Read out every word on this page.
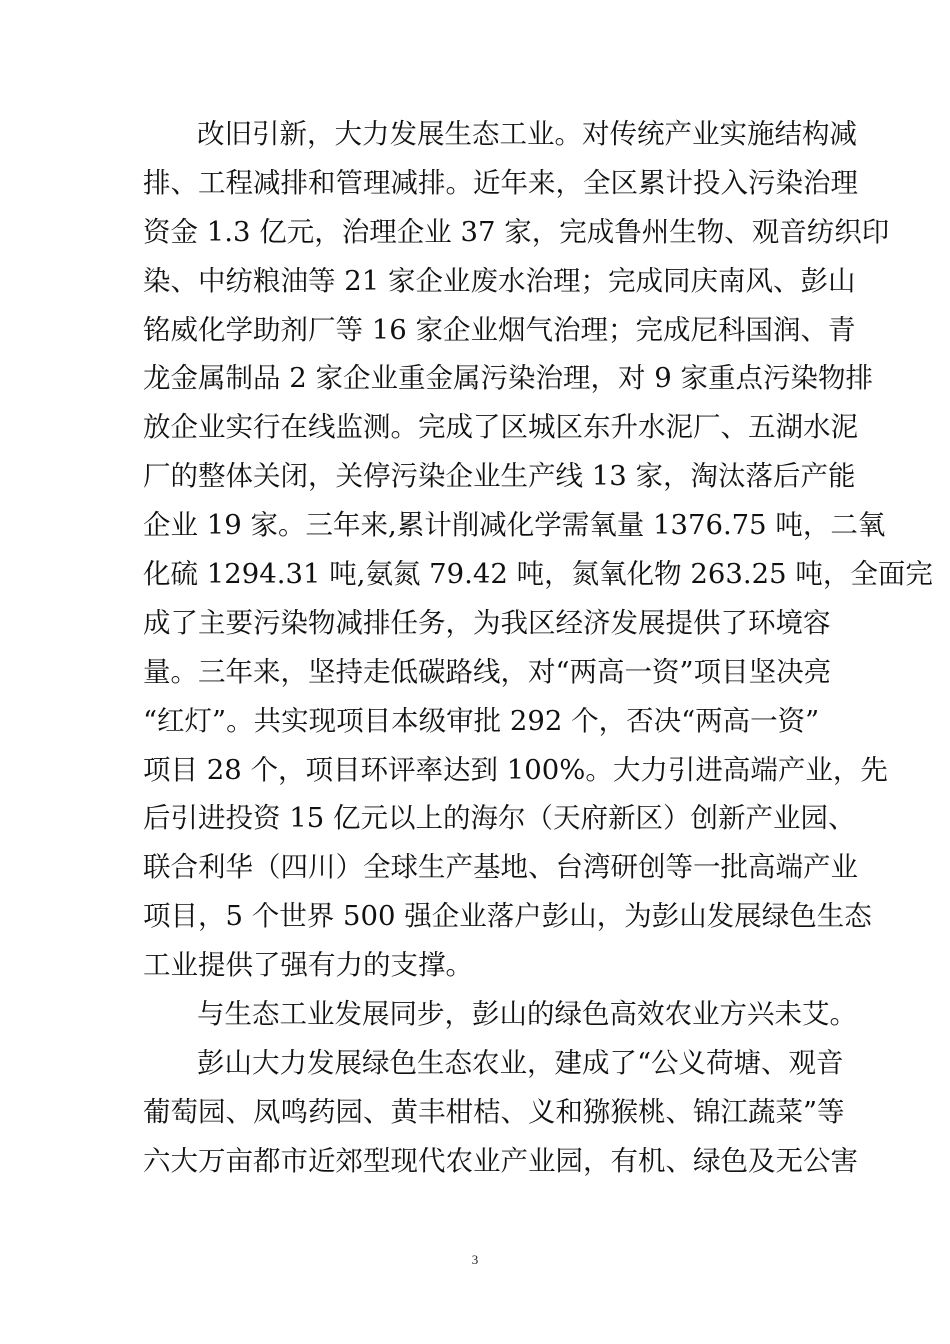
改旧引新，大力发展生态工业。对传统产业实施结构减
排、工程减排和管理减排。近年来，全区累计投入污染治理
资金 1.3 亿元，治理企业 37 家，完成鲁州生物、观音纺织印
染、中纺粮油等 21 家企业废水治理；完成同庆南风、彭山
铭威化学助剂厂等 16 家企业烟气治理；完成尼科国润、青
龙金属制品 2 家企业重金属污染治理，对 9 家重点污染物排
放企业实行在线监测。完成了区城区东升水泥厂、五湖水泥
厂的整体关闭，关停污染企业生产线 13 家，淘汰落后产能
企业 19 家。三年来,累计削减化学需氧量 1376.75 吨，二氧
化硫 1294.31 吨,氨氮 79.42 吨，氮氧化物 263.25 吨，全面完
成了主要污染物减排任务，为我区经济发展提供了环境容
量。三年来，坚持走低碳路线，对“两高一资”项目坚决亮
“红灯”。共实现项目本级审批 292 个，否决“两高一资”
项目 28 个，项目环评率达到 100%。大力引进高端产业，先
后引进投资 15 亿元以上的海尔（天府新区）创新产业园、
联合利华（四川）全球生产基地、台湾研创等一批高端产业
项目，5 个世界 500 强企业落户彭山，为彭山发展绿色生态
工业提供了强有力的支撑。
与生态工业发展同步，彭山的绿色高效农业方兴未艾。
彭山大力发展绿色生态农业，建成了“公义荷塘、观音
葡萄园、凤鸣药园、黄丰柑桔、义和猕猴桃、锦江蔬菜”等
六大万亩都市近郊型现代农业产业园，有机、绿色及无公害
3
